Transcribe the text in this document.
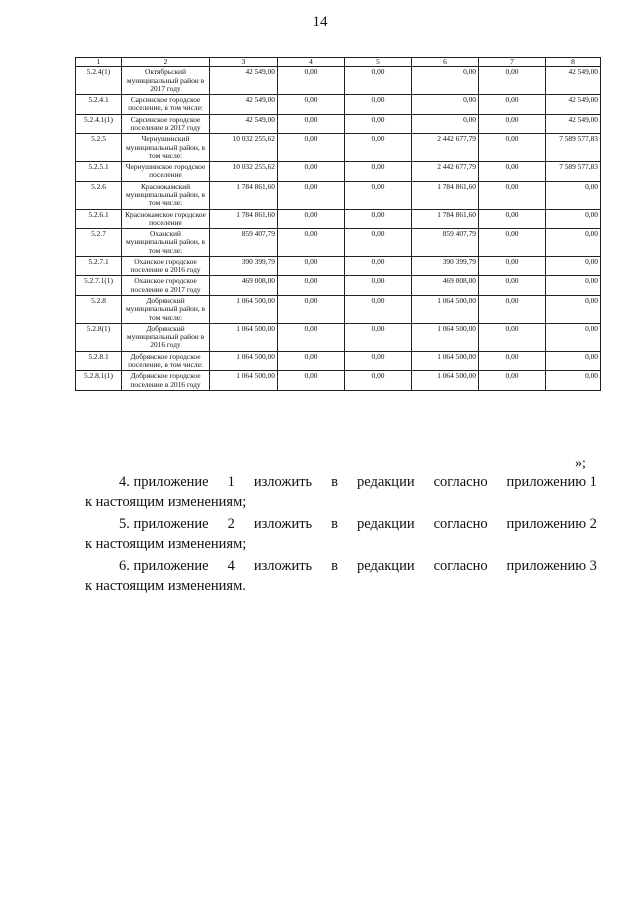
14
1	2	3	4	5	6	7	8
5.2.4(1)	Октябрьский муниципальный район в 2017 году	42 549,00	0,00	0,00	0,00	0,00	42 549,00
5.2.4.1	Сарсинское городское поселение, в том числе:	42 549,00	0,00	0,00	0,00	0,00	42 549,00
5.2.4.1(1)	Сарсинское городское поселение в 2017 году	42 549,00	0,00	0,00	0,00	0,00	42 549,00
5.2.5	Чернушинский муниципальный район, в том числе:	10 032 255,62	0,00	0,00	2 442 677,79	0,00	7 589 577,83
5.2.5.1	Чернушинское городское поселение	10 032 255,62	0,00	0,00	2 442 677,79	0,00	7 589 577,83
5.2.6	Краснокамский муниципальный район, в том числе:	1 784 861,60	0,00	0,00	1 784 861,60	0,00	0,00
5.2.6.1	Краснокамское городское поселение	1 784 861,60	0,00	0,00	1 784 861,60	0,00	0,00
5.2.7	Оханский муниципальный район, в том числе:	859 407,79	0,00	0,00	859 407,79	0,00	0,00
5.2.7.1	Оханское городское поселение в 2016 году	390 399,79	0,00	0,00	390 399,79	0,00	0,00
5.2.7.1(1)	Оханское городское поселение в 2017 году	469 008,00	0,00	0,00	469 008,00	0,00	0,00
5.2.8	Добрянский муниципальный район, в том числе:	1 064 500,00	0,00	0,00	1 064 500,00	0,00	0,00
5.2.8(1)	Добрянский муниципальный район в 2016 году	1 064 500,00	0,00	0,00	1 064 500,00	0,00	0,00
5.2.8.1	Добрянское городское поселение, в том числе:	1 064 500,00	0,00	0,00	1 064 500,00	0,00	0,00
5.2.8.1(1)	Добрянское городское поселение в 2016 году	1 064 500,00	0,00	0,00	1 064 500,00	0,00	0,00
»;
4. приложение 1 изложить в редакции согласно приложению 1
к настоящим изменениям;
5. приложение 2 изложить в редакции согласно приложению 2
к настоящим изменениям;
6. приложение 4 изложить в редакции согласно приложению 3
к настоящим изменениям.
